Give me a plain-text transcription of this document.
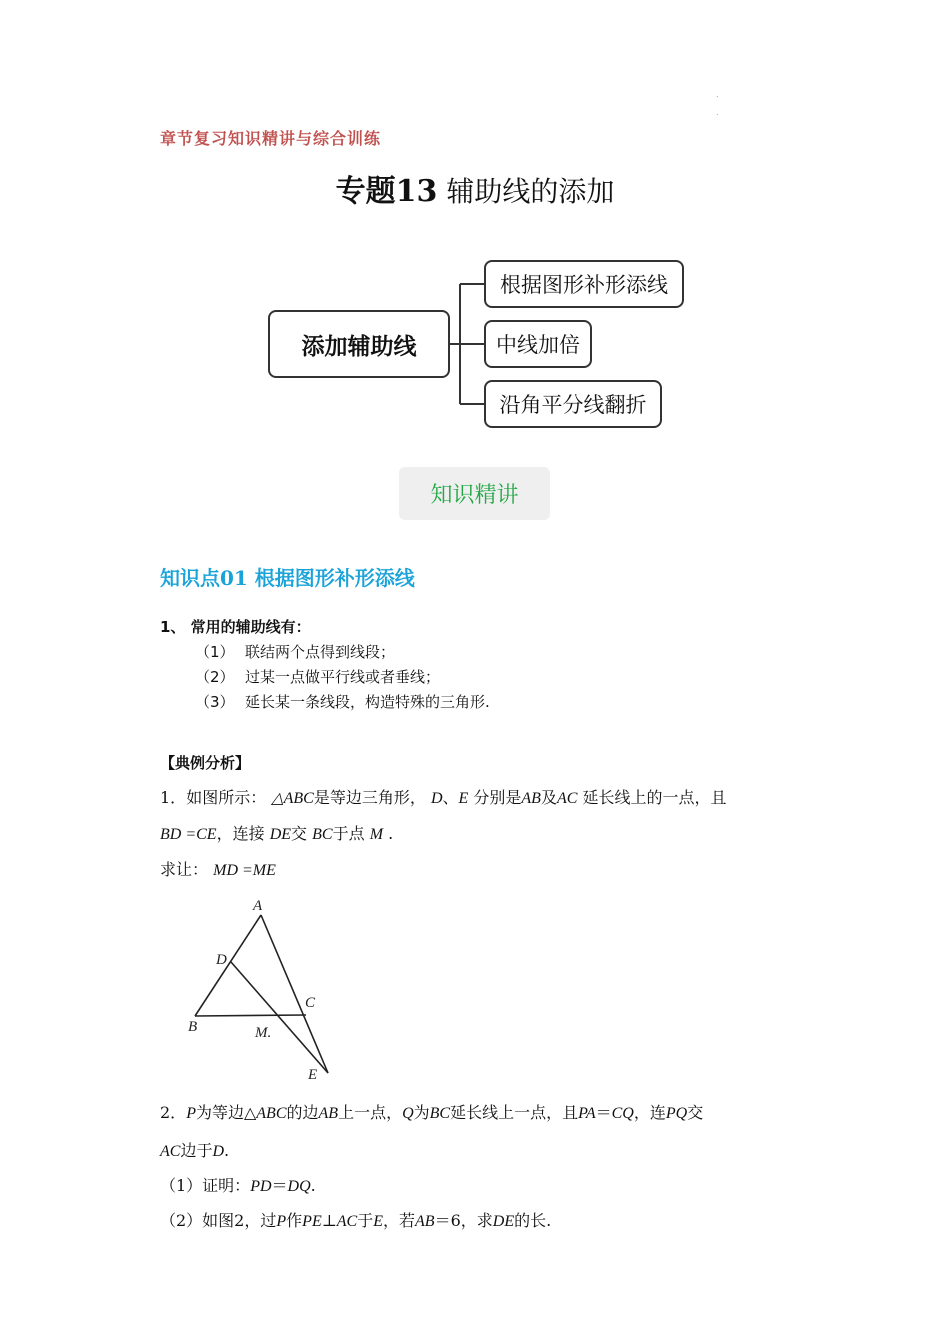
.
.
章节复习知识精讲与综合训练
专题13 辅助线的添加
添加辅助线
根据图形补形添线
中线加倍
沿角平分线翻折
知识精讲
知识点01 根据图形补形添线
1、 常用的辅助线有：
（1） 联结两个点得到线段；
（2） 过某一点做平行线或者垂线；
（3） 延长某一条线段，构造特殊的三角形.
【典例分析】
1．如图所示： △ABC是等边三角形， D、E 分别是AB及AC 延长线上的一点，且
BD =CE，连接 DE交 BC于点 M .
求让： MD =ME
A
B
C
D
E
M.
2．P为等边△ABC的边AB上一点，Q为BC延长线上一点，且PA＝CQ，连PQ交
AC边于D.
（1）证明：PD＝DQ.
（2）如图2，过P作PE⊥AC于E，若AB＝6，求DE的长.
